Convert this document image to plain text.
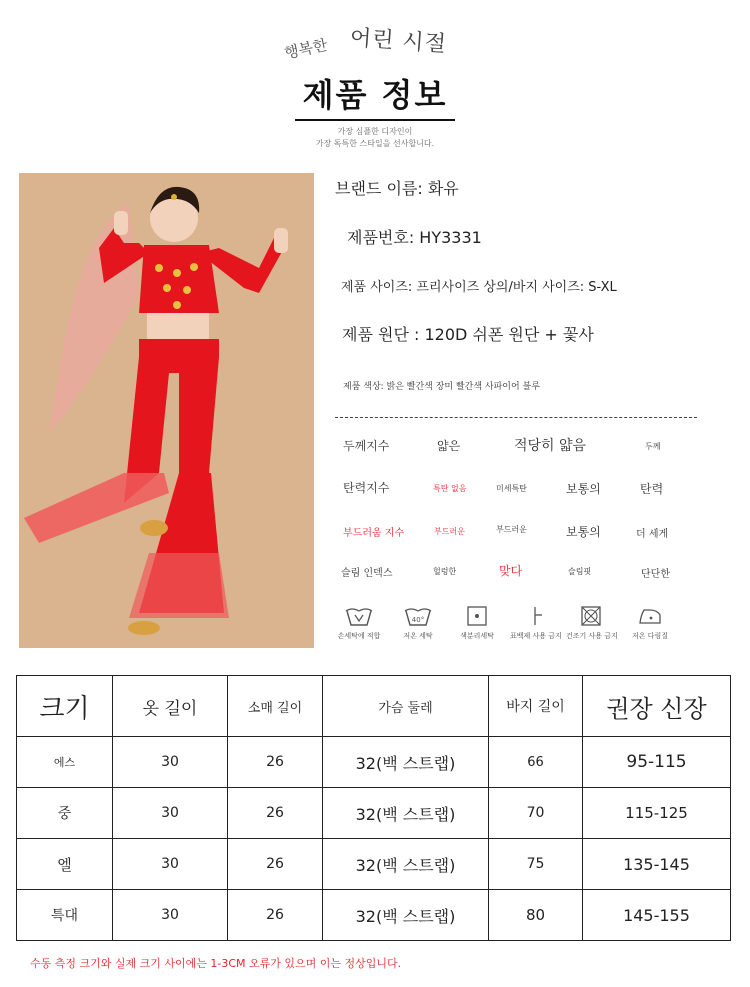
행복한 어린 시절
제품 정보
가장 심플한 디자인이
가장 독특한 스타일을 선사합니다.
브랜드 이름: 화유
제품번호: HY3331
제품 사이즈: 프리사이즈 상의/바지 사이즈: S-XL
제품 원단 : 120D 쉬폰 원단 + 꽃사
제품 색상: 밝은 빨간색 장미 빨간색 사파이어 블루
두께지수	얇은	적당히 얇음	두께
탄력지수	특탄 없음	미세특탄	보통의	탄력
부드러움 지수	부드러운	부드러운	보통의	더 세게
슬림 인덱스	헐렁한	맞다	슬림핏	단단한
손세탁에 적합
40°
저온 세탁	색분리세탁	표백제 사용 금지 건조기 사용 금지	저온 다림질
크기	옷 길이	소매 길이	가슴 둘레	바지 길이	권장 신장
에스	30	26	32(백 스트랩)	66	95-115
중	30	26	32(백 스트랩)	70	115-125
엘	30	26	32(백 스트랩)	75	135-145
특대	30	26	32(백 스트랩)	80	145-155
수동 측정 크기와 실제 크기 사이에는 1-3CM 오류가 있으며 이는 정상입니다.
